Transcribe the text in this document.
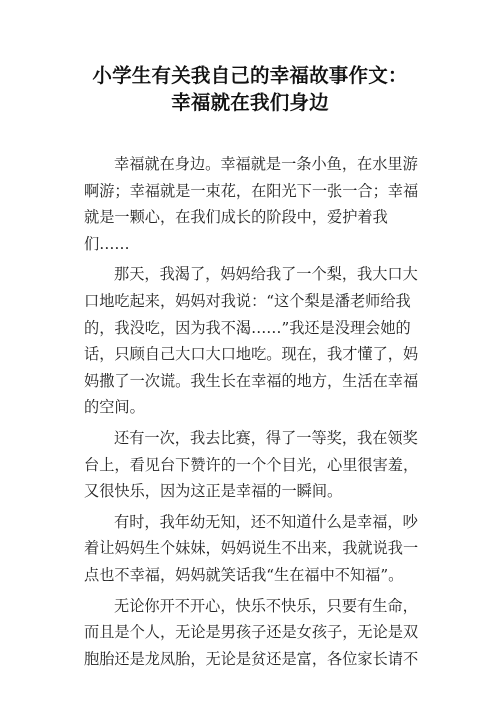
小学生有关我自己的幸福故事作文：
幸福就在我们身边
幸福就在身边。幸福就是一条小鱼，在水里游
啊游；幸福就是一束花，在阳光下一张一合；幸福
就是一颗心，在我们成长的阶段中，爱护着我
们……
那天，我渴了，妈妈给我了一个梨，我大口大
口地吃起来，妈妈对我说：“这个梨是潘老师给我
的，我没吃，因为我不渴……”我还是没理会她的
话，只顾自己大口大口地吃。现在，我才懂了，妈
妈撒了一次谎。我生长在幸福的地方，生活在幸福
的空间。
还有一次，我去比赛，得了一等奖，我在领奖
台上，看见台下赞许的一个个目光，心里很害羞，
又很快乐，因为这正是幸福的一瞬间。
有时，我年幼无知，还不知道什么是幸福，吵
着让妈妈生个妹妹，妈妈说生不出来，我就说我一
点也不幸福，妈妈就笑话我“生在福中不知福”。
无论你开不开心，快乐不快乐，只要有生命，
而且是个人，无论是男孩子还是女孩子，无论是双
胞胎还是龙凤胎，无论是贫还是富，各位家长请不
